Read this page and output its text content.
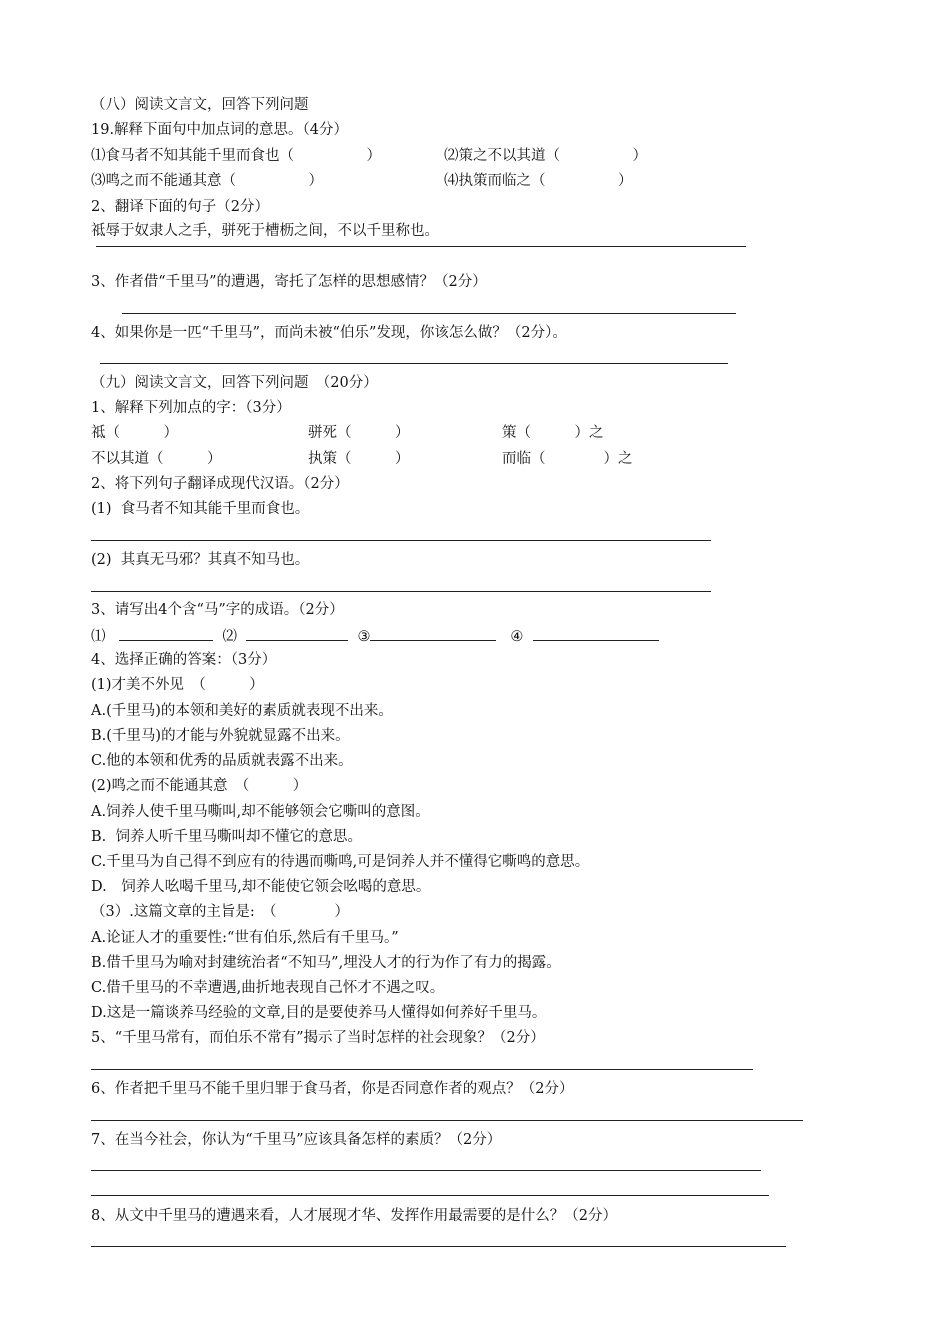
（八）阅读文言文，回答下列问题
19.解释下面句中加点词的意思。（4分）
⑴食马者不知其能千里而食也（　　　　　）	⑵策之不以其道（　　　　　）
⑶鸣之而不能通其意（　　　　　）	⑷执策而临之（　　　　　）
2、翻译下面的句子（2分）
祗辱于奴隶人之手，骈死于槽枥之间，不以千里称也。
3、作者借“千里马”的遭遇，寄托了怎样的思想感情？（2分）
4、如果你是一匹“千里马”，而尚未被“伯乐”发现，你该怎么做？（2分）。
（九）阅读文言文，回答下列问题　（20分）
1、解释下列加点的字：（3分）
祗（　　　）	骈死（　　　）	策（　　　）之
不以其道（　　　）	执策（　　　）	而临（　　　　）之
2、将下列句子翻译成现代汉语。（2分）
(1)  食马者不知其能千里而食也。
(2)  其真无马邪？其真不知马也。
3、请写出4个含“马”字的成语。（2分）
⑴	⑵	③	④
4、选择正确的答案：（3分）
(1)才美不外见　（　　　）
A.(千里马)的本领和美好的素质就表现不出来。
B.(千里马)的才能与外貌就显露不出来。
C.他的本领和优秀的品质就表露不出来。
(2)鸣之而不能通其意　（　　　）
A.饲养人使千里马嘶叫,却不能够领会它嘶叫的意图。
B.  饲养人听千里马嘶叫却不懂它的意思。
C.千里马为自己得不到应有的待遇而嘶鸣,可是饲养人并不懂得它嘶鸣的意思。
D.　饲养人吆喝千里马,却不能使它领会吆喝的意思。
（3）.这篇文章的主旨是:　（　　　　）
A.论证人才的重要性:“世有伯乐,然后有千里马。”
B.借千里马为喻对封建统治者“不知马”,埋没人才的行为作了有力的揭露。
C.借千里马的不幸遭遇,曲折地表现自己怀才不遇之叹。
D.这是一篇谈养马经验的文章,目的是要使养马人懂得如何养好千里马。
5、“千里马常有，而伯乐不常有”揭示了当时怎样的社会现象？（2分）
6、作者把千里马不能千里归罪于食马者，你是否同意作者的观点？（2分）
7、在当今社会，你认为“千里马”应该具备怎样的素质？（2分）
8、从文中千里马的遭遇来看，人才展现才华、发挥作用最需要的是什么？（2分）
